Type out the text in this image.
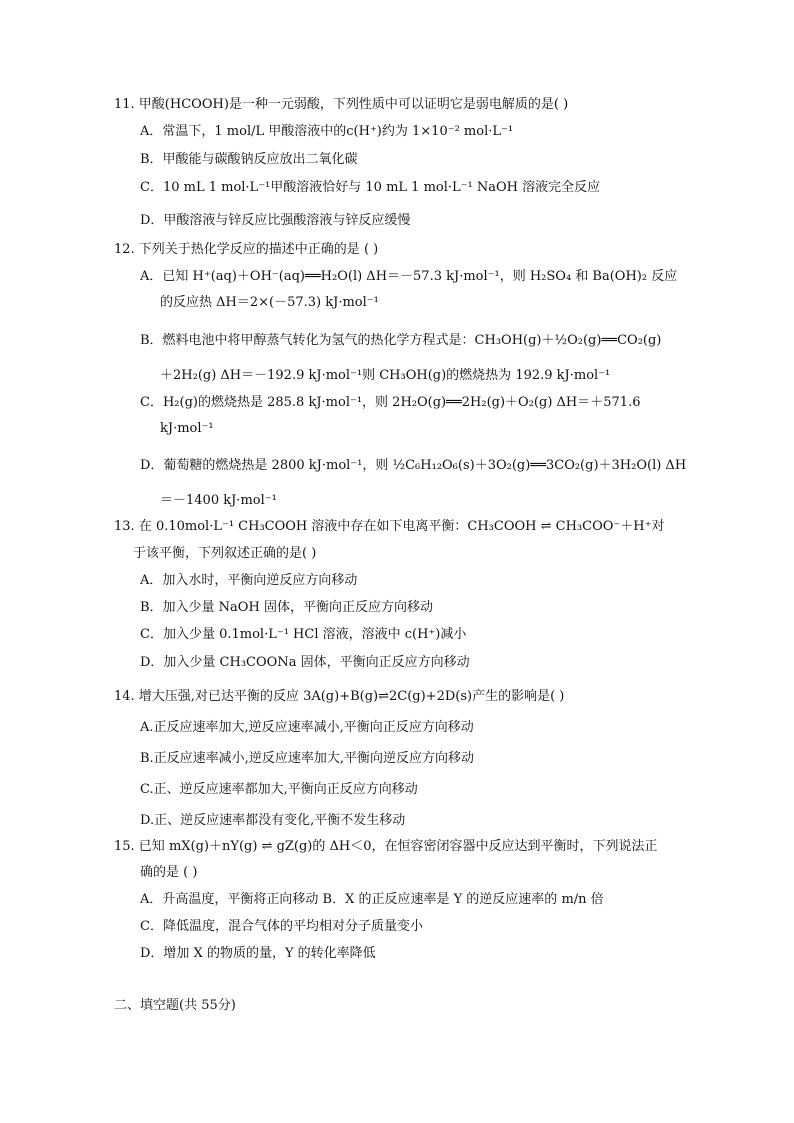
11. 甲酸(HCOOH)是一种一元弱酸，下列性质中可以证明它是弱电解质的是( )
A．常温下，1 mol/L 甲酸溶液中的c(H⁺)约为 1×10⁻² mol·L⁻¹
B．甲酸能与碳酸钠反应放出二氧化碳
C．10 mL 1 mol·L⁻¹甲酸溶液恰好与 10 mL 1 mol·L⁻¹ NaOH 溶液完全反应
D．甲酸溶液与锌反应比强酸溶液与锌反应缓慢
12. 下列关于热化学反应的描述中正确的是 ( )
A．已知 H⁺(aq)＋OH⁻(aq)══H₂O(l) ΔH＝－57.3 kJ·mol⁻¹，则 H₂SO₄ 和 Ba(OH)₂ 反应
的反应热 ΔH＝2×(－57.3) kJ·mol⁻¹
B．燃料电池中将甲醇蒸气转化为氢气的热化学方程式是：CH₃OH(g)＋½O₂(g)══CO₂(g)
＋2H₂(g) ΔH＝－192.9 kJ·mol⁻¹则 CH₃OH(g)的燃烧热为 192.9 kJ·mol⁻¹
C．H₂(g)的燃烧热是 285.8 kJ·mol⁻¹，则 2H₂O(g)══2H₂(g)＋O₂(g) ΔH＝＋571.6
kJ·mol⁻¹
D．葡萄糖的燃烧热是 2800 kJ·mol⁻¹，则 ½C₆H₁₂O₆(s)＋3O₂(g)══3CO₂(g)＋3H₂O(l) ΔH
＝－1400 kJ·mol⁻¹
13. 在 0.10mol·L⁻¹ CH₃COOH 溶液中存在如下电离平衡：CH₃COOH ⇌ CH₃COO⁻＋H⁺对
于该平衡，下列叙述正确的是( )
A．加入水时，平衡向逆反应方向移动
B．加入少量 NaOH 固体，平衡向正反应方向移动
C．加入少量 0.1mol·L⁻¹ HCl 溶液，溶液中 c(H⁺)减小
D．加入少量 CH₃COONa 固体，平衡向正反应方向移动
14. 增大压强,对已达平衡的反应 3A(g)+B(g)⇌2C(g)+2D(s)产生的影响是( )
A.正反应速率加大,逆反应速率减小,平衡向正反应方向移动
B.正反应速率减小,逆反应速率加大,平衡向逆反应方向移动
C.正、逆反应速率都加大,平衡向正反应方向移动
D.正、逆反应速率都没有变化,平衡不发生移动
15. 已知 mX(g)＋nY(g) ⇌ gZ(g)的 ΔH＜0，在恒容密闭容器中反应达到平衡时，下列说法正
确的是 ( )
A．升高温度，平衡将正向移动 B．X 的正反应速率是 Y 的逆反应速率的 m/n 倍
C．降低温度，混合气体的平均相对分子质量变小
D．增加 X 的物质的量，Y 的转化率降低
二、填空题(共 55分)
